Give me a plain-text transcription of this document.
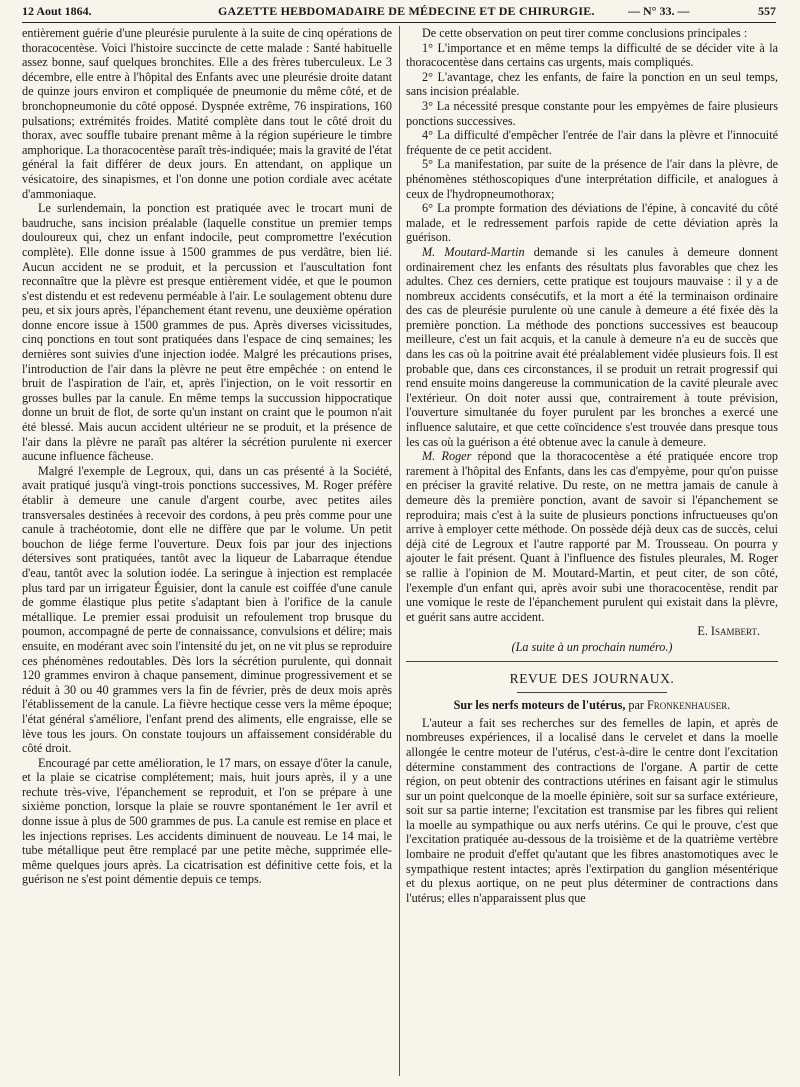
12 Aout 1864.	GAZETTE HEBDOMADAIRE DE MÉDECINE ET DE CHIRURGIE.	— N° 33. —	557

entièrement guérie d'une pleurésie purulente à la suite de cinq opérations de thoracocentèse. Voici l'histoire succincte de cette malade : Santé habituelle assez bonne, sauf quelques bronchites. Elle a des frères tuberculeux. Le 3 décembre, elle entre à l'hôpital des Enfants avec une pleurésie droite datant de quinze jours environ et compliquée de pneumonie du même côté, et de bronchopneumonie du côté opposé. Dyspnée extrême, 76 inspirations, 160 pulsations; extrémités froides. Matité complète dans tout le côté droit du thorax, avec souffle tubaire prenant même à la région supérieure le timbre amphorique. La thoracocentèse paraît très-indiquée; mais la gravité de l'état général la fait différer de deux jours. En attendant, on applique un vésicatoire, des sinapismes, et l'on donne une potion cordiale avec acétate d'ammoniaque.

Le surlendemain, la ponction est pratiquée avec le trocart muni de baudruche, sans incision préalable (laquelle constitue un premier temps douloureux qui, chez un enfant indocile, peut compromettre l'exécution complète). Elle donne issue à 1500 grammes de pus verdâtre, bien lié. Aucun accident ne se produit, et la percussion et l'auscultation font reconnaître que la plèvre est presque entièrement vidée, et que le poumon s'est distendu et est redevenu perméable à l'air. Le soulagement obtenu dure peu, et six jours après, l'épanchement étant revenu, une deuxième opération donne encore issue à 1500 grammes de pus. Après diverses vicissitudes, cinq ponctions en tout sont pratiquées dans l'espace de cinq semaines; les dernières sont suivies d'une injection iodée. Malgré les précautions prises, l'introduction de l'air dans la plèvre ne peut être empêchée : on entend le bruit de l'aspiration de l'air, et, après l'injection, on le voit ressortir en grosses bulles par la canule. En même temps la succussion hippocratique donne un bruit de flot, de sorte qu'un instant on craint que le poumon n'ait été blessé. Mais aucun accident ultérieur ne se produit, et la présence de l'air dans la plèvre ne paraît pas altérer la sécrétion purulente ni exercer aucune influence fâcheuse.

Malgré l'exemple de Legroux, qui, dans un cas présenté à la Société, avait pratiqué jusqu'à vingt-trois ponctions successives, M. Roger préfère établir à demeure une canule d'argent courbe, avec petites ailes transversales destinées à recevoir des cordons, à peu près comme pour une canule à trachéotomie, dont elle ne diffère que par le volume. Un petit bouchon de liége ferme l'ouverture. Deux fois par jour des injections détersives sont pratiquées, tantôt avec la liqueur de Labarraque étendue d'eau, tantôt avec la solution iodée. La seringue à injection est remplacée plus tard par un irrigateur Éguisier, dont la canule est coiffée d'une canule de gomme élastique plus petite s'adaptant bien à l'orifice de la canule métallique. Le premier essai produisit un refoulement trop brusque du poumon, accompagné de perte de connaissance, convulsions et délire; mais ensuite, en modérant avec soin l'intensité du jet, on ne vit plus se reproduire ces phénomènes redoutables. Dès lors la sécrétion purulente, qui donnait 120 grammes environ à chaque pansement, diminue progressivement et se réduit à 30 ou 40 grammes vers la fin de février, près de deux mois après l'établissement de la canule. La fièvre hectique cesse vers la même époque; l'état général s'améliore, l'enfant prend des aliments, elle engraisse, elle se lève tous les jours. On constate toujours un affaissement considérable du côté droit.

Encouragé par cette amélioration, le 17 mars, on essaye d'ôter la canule, et la plaie se cicatrise complétement; mais, huit jours après, il y a une rechute très-vive, l'épanchement se reproduit, et l'on se prépare à une sixième ponction, lorsque la plaie se rouvre spontanément le 1er avril et donne issue à plus de 500 grammes de pus. La canule est remise en place et les injections reprises. Les accidents diminuent de nouveau. Le 14 mai, le tube métallique peut être remplacé par une petite mèche, supprimée elle-même quelques jours après. La cicatrisation est définitive cette fois, et la guérison ne s'est point démentie depuis ce temps.

De cette observation on peut tirer comme conclusions principales :

1° L'importance et en même temps la difficulté de se décider vite à la thoracocentèse dans certains cas urgents, mais compliqués.

2° L'avantage, chez les enfants, de faire la ponction en un seul temps, sans incision préalable.

3° La nécessité presque constante pour les empyèmes de faire plusieurs ponctions successives.

4° La difficulté d'empêcher l'entrée de l'air dans la plèvre et l'innocuité fréquente de ce petit accident.

5° La manifestation, par suite de la présence de l'air dans la plèvre, de phénomènes stéthoscopiques d'une interprétation difficile, et analogues à ceux de l'hydropneumothorax;

6° La prompte formation des déviations de l'épine, à concavité du côté malade, et le redressement parfois rapide de cette déviation après la guérison.

M. Moutard-Martin demande si les canules à demeure donnent ordinairement chez les enfants des résultats plus favorables que chez les adultes. Chez ces derniers, cette pratique est toujours mauvaise : il y a de nombreux accidents consécutifs, et la mort a été la terminaison ordinaire des cas de pleurésie purulente où une canule à demeure a été fixée dès la première ponction. La méthode des ponctions successives est beaucoup meilleure, c'est un fait acquis, et la canule à demeure n'a eu de succès que dans les cas où la poitrine avait été préalablement vidée plusieurs fois. Il est probable que, dans ces circonstances, il se produit un retrait progressif qui rend ensuite moins dangereuse la communication de la cavité pleurale avec l'extérieur. On doit noter aussi que, contrairement à toute prévision, l'ouverture simultanée du foyer purulent par les bronches a exercé une influence salutaire, et que cette coïncidence s'est trouvée dans presque tous les cas où la guérison a été obtenue avec la canule à demeure.

M. Roger répond que la thoracocentèse a été pratiquée encore trop rarement à l'hôpital des Enfants, dans les cas d'empyème, pour qu'on puisse en préciser la gravité relative. Du reste, on ne mettra jamais de canule à demeure dès la première ponction, avant de savoir si l'épanchement se reproduira; mais c'est à la suite de plusieurs ponctions infructueuses qu'on arrive à employer cette méthode. On possède déjà deux cas de succès, celui déjà cité de Legroux et l'autre rapporté par M. Trousseau. On pourra y ajouter le fait présent. Quant à l'influence des fistules pleurales, M. Roger se rallie à l'opinion de M. Moutard-Martin, et peut citer, de son côté, l'exemple d'un enfant qui, après avoir subi une thoracocentèse, rendit par une vomique le reste de l'épanchement purulent qui existait dans la plèvre, et guérit sans autre accident.

E. Isambert.

(La suite à un prochain numéro.)

REVUE DES JOURNAUX.

Sur les nerfs moteurs de l'utérus, par Fronkenhauser.

L'auteur a fait ses recherches sur des femelles de lapin, et après de nombreuses expériences, il a localisé dans le cervelet et dans la moelle allongée le centre moteur de l'utérus, c'est-à-dire le centre dont l'excitation détermine constamment des contractions de l'organe. A partir de cette région, on peut obtenir des contractions utérines en faisant agir le stimulus sur un point quelconque de la moelle épinière, soit sur sa surface extérieure, soit sur sa partie interne; l'excitation est transmise par les fibres qui relient la moelle au sympathique ou aux nerfs utérins. Ce qui le prouve, c'est que l'excitation pratiquée au-dessous de la troisième et de la quatrième vertèbre lombaire ne produit d'effet qu'autant que les fibres anastomotiques avec le sympathique restent intactes; après l'extirpation du ganglion mésentérique et du plexus aortique, on ne peut plus déterminer de contractions dans l'utérus; elles n'apparaissent plus que
